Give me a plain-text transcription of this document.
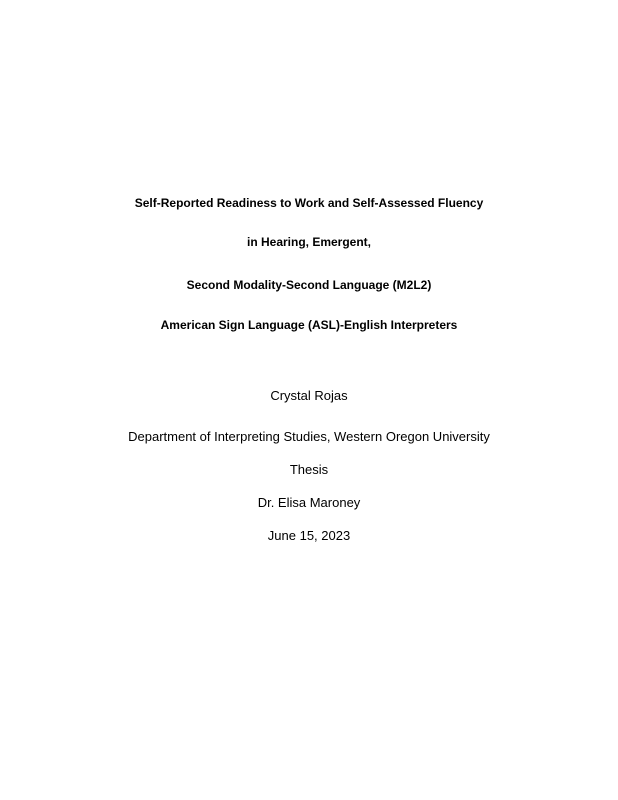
Self-Reported Readiness to Work and Self-Assessed Fluency
in Hearing, Emergent,
Second Modality-Second Language (M2L2)
American Sign Language (ASL)-English Interpreters
Crystal Rojas
Department of Interpreting Studies, Western Oregon University
Thesis
Dr. Elisa Maroney
June 15, 2023
